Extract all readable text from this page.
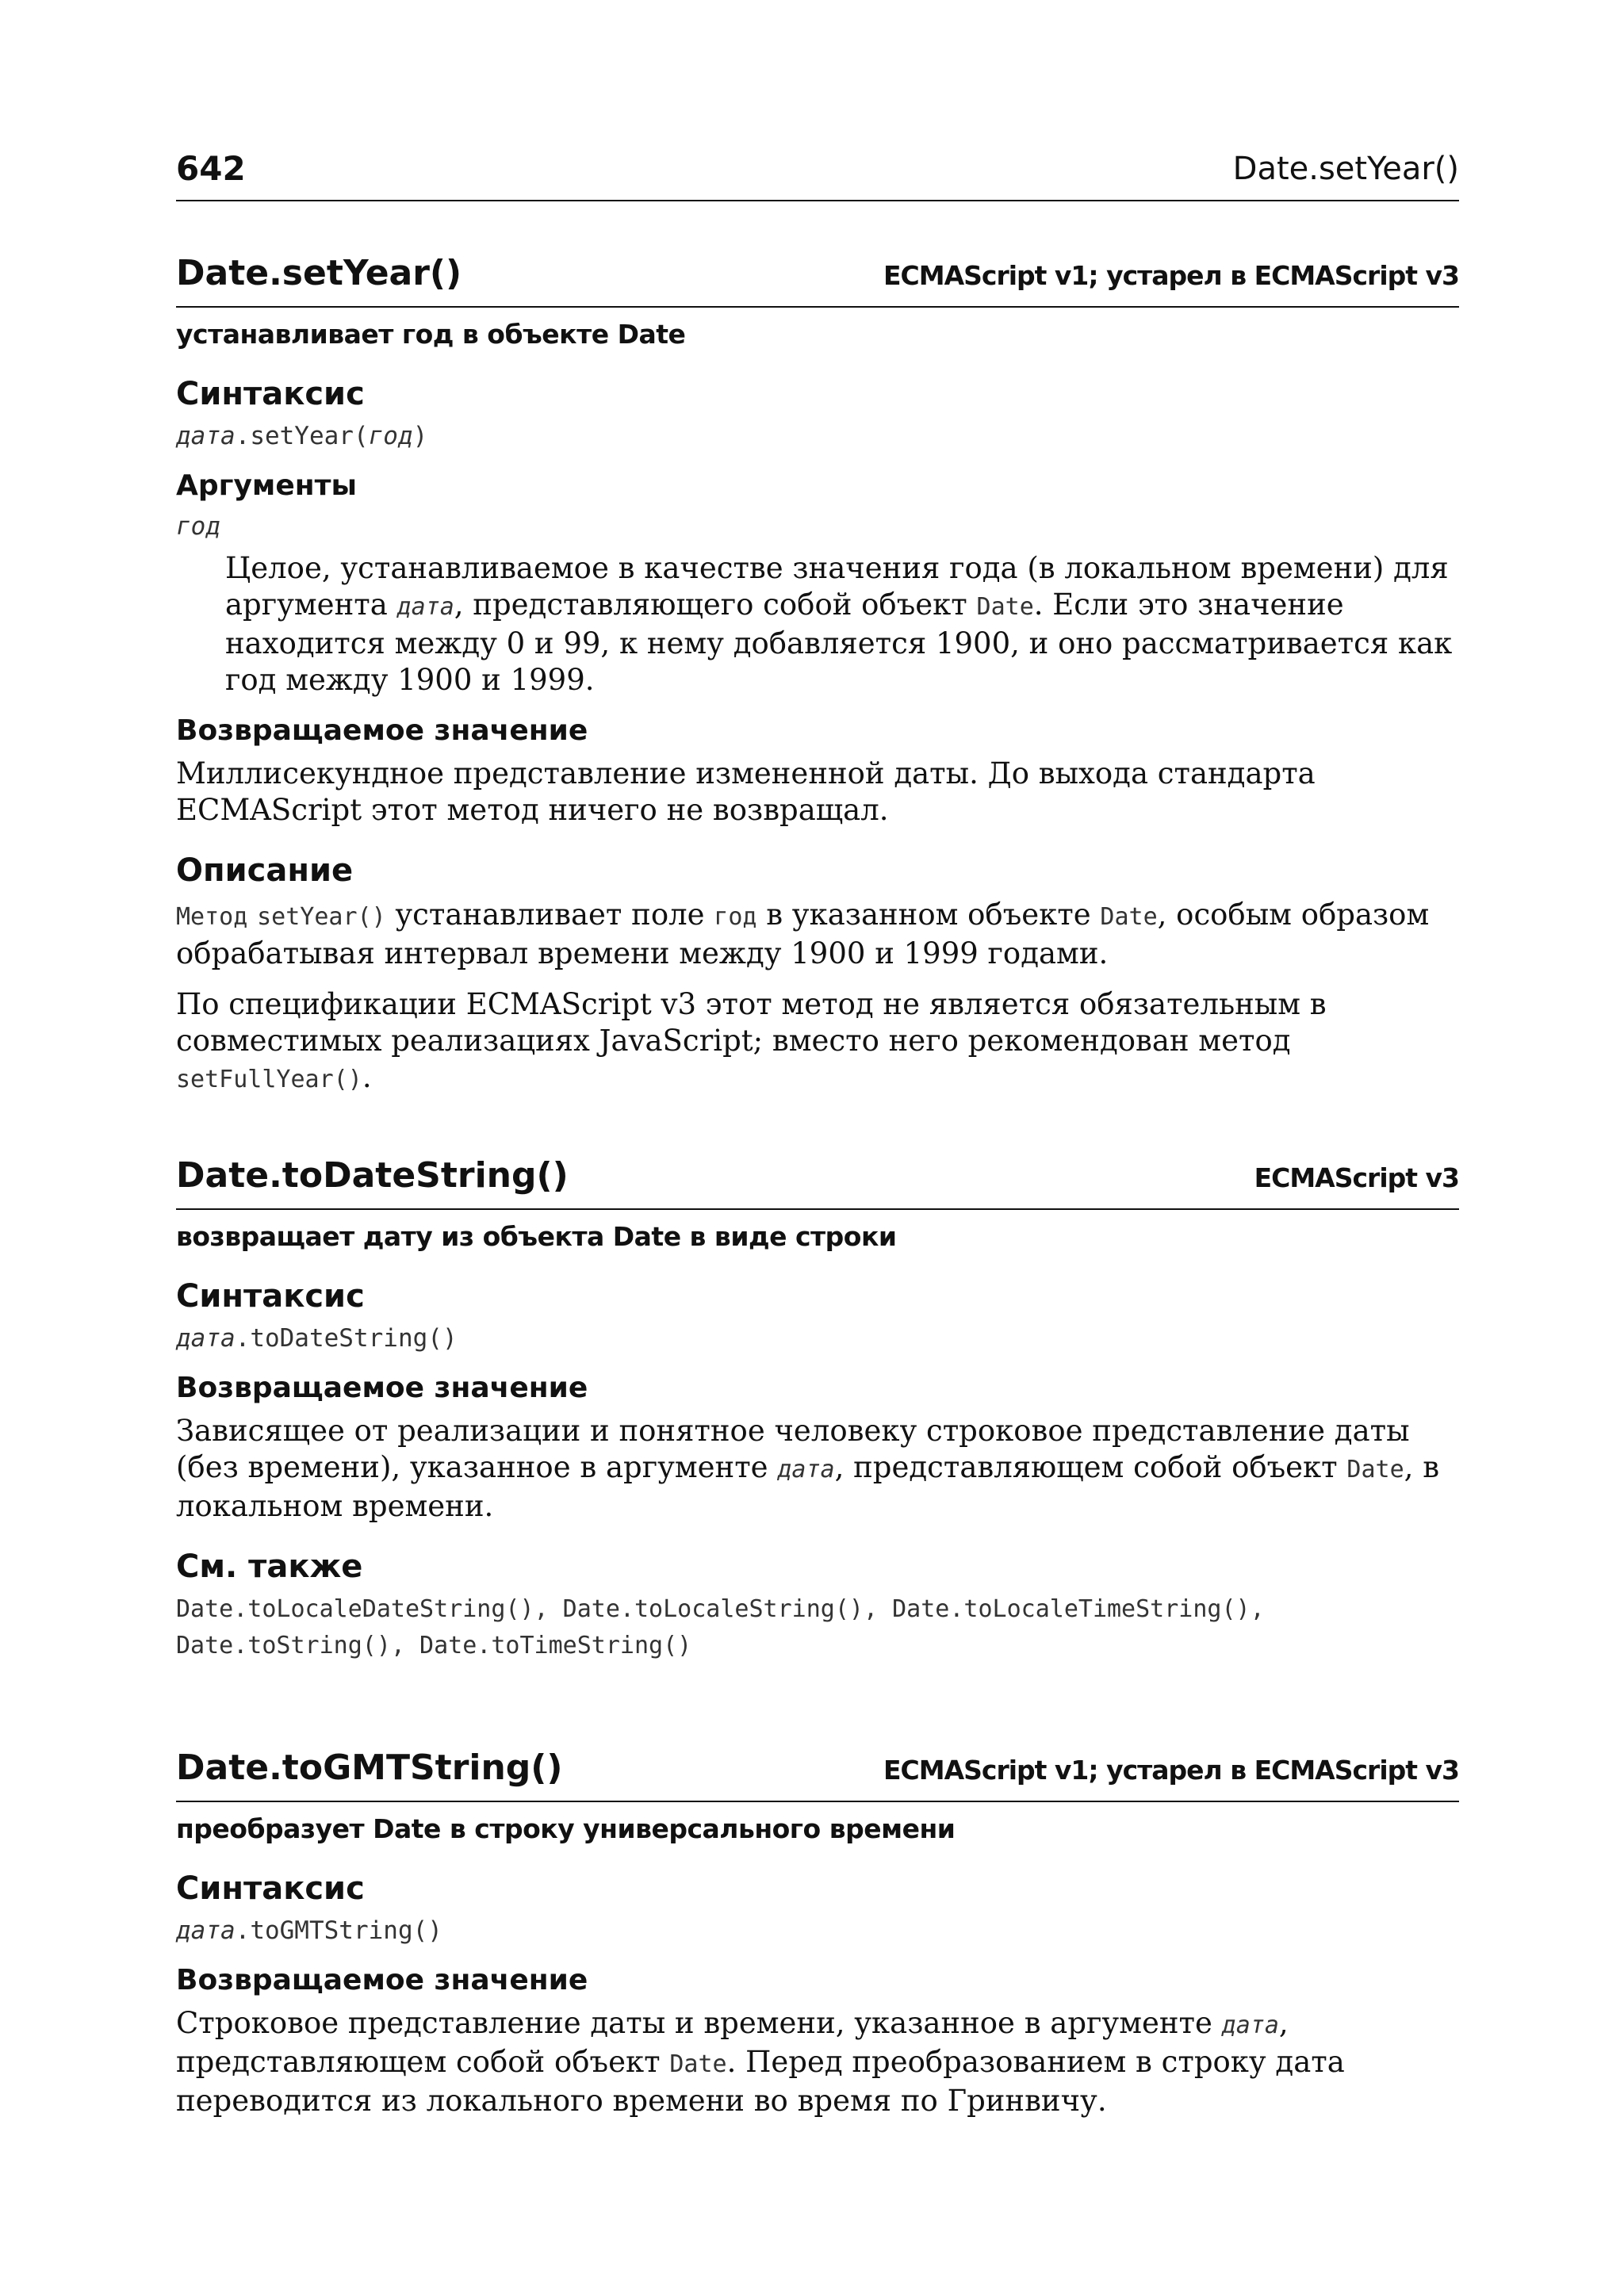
642	Date.setYear()
Date.setYear()	ECMAScript v1; устарел в ECMAScript v3
устанавливает год в объекте Date
Синтаксис
дата.setYear(год)
Аргументы
год
Целое, устанавливаемое в качестве значения года (в локальном времени) для аргумента дата, представляющего собой объект Date. Если это значение находится между 0 и 99, к нему добавляется 1900, и оно рассматривается как год между 1900 и 1999.
Возвращаемое значение
Миллисекундное представление измененной даты. До выхода стандарта ECMAScript этот метод ничего не возвращал.
Описание
Метод setYear() устанавливает поле год в указанном объекте Date, особым образом обрабатывая интервал времени между 1900 и 1999 годами.
По спецификации ECMAScript v3 этот метод не является обязательным в совместимых реализациях JavaScript; вместо него рекомендован метод setFullYear().
Date.toDateString()	ECMAScript v3
возвращает дату из объекта Date в виде строки
Синтаксис
дата.toDateString()
Возвращаемое значение
Зависящее от реализации и понятное человеку строковое представление даты (без времени), указанное в аргументе дата, представляющем собой объект Date, в локальном времени.
См. также
Date.toLocaleDateString(), Date.toLocaleString(), Date.toLocaleTimeString(), Date.toString(), Date.toTimeString()
Date.toGMTString()	ECMAScript v1; устарел в ECMAScript v3
преобразует Date в строку универсального времени
Синтаксис
дата.toGMTString()
Возвращаемое значение
Строковое представление даты и времени, указанное в аргументе дата, представляющем собой объект Date. Перед преобразованием в строку дата переводится из локального времени во время по Гринвичу.
